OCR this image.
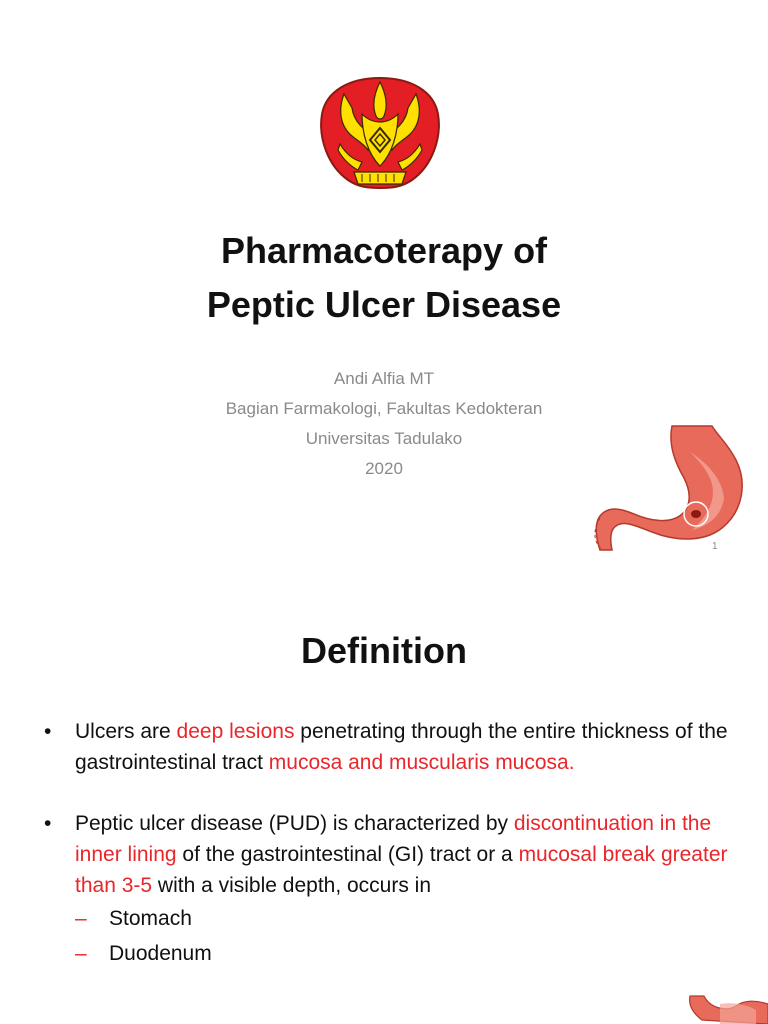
Pharmacoterapy of
Peptic Ulcer Disease
Andi Alfia MT
Bagian Farmakologi, Fakultas Kedokteran
Universitas Tadulako
2020
1
Definition
• Ulcers are deep lesions penetrating through the entire thickness of the gastrointestinal tract mucosa and muscularis mucosa.
• Peptic ulcer disease (PUD) is characterized by discontinuation in the inner lining of the gastrointestinal (GI) tract or a mucosal break greater than 3-5 with a visible depth, occurs in
– Stomach
– Duodenum
